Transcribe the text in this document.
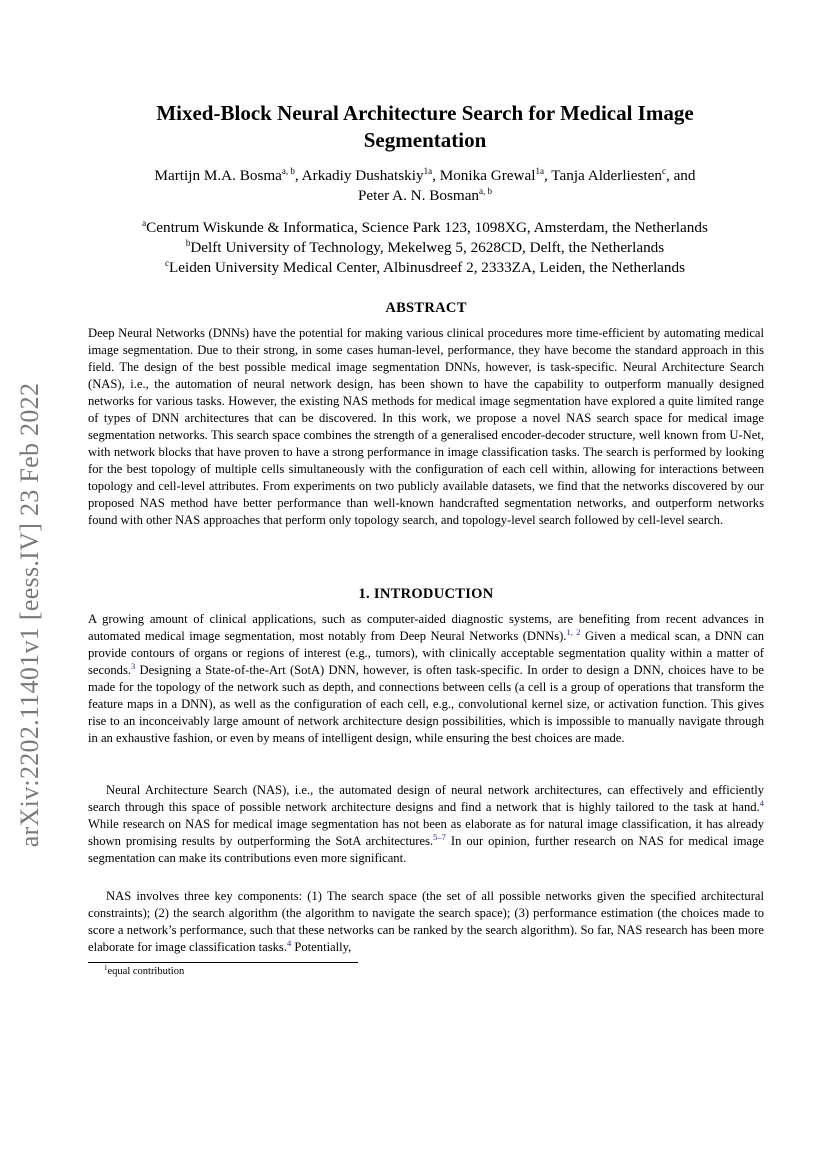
arXiv:2202.11401v1 [eess.IV] 23 Feb 2022
Mixed-Block Neural Architecture Search for Medical Image
Segmentation
Martijn M.A. Bosma$^{a, b}$, Arkadiy Dushatskiy$^{1a}$, Monika Grewal$^{1a}$, Tanja Alderliesten$^c$, and
Peter A. N. Bosman$^{a, b}$
$^a$Centrum Wiskunde & Informatica, Science Park 123, 1098XG, Amsterdam, the Netherlands
$^b$Delft University of Technology, Mekelweg 5, 2628CD, Delft, the Netherlands
$^c$Leiden University Medical Center, Albinusdreef 2, 2333ZA, Leiden, the Netherlands
ABSTRACT

Deep Neural Networks (DNNs) have the potential for making various clinical procedures more time-efficient by automating medical image segmentation. Due to their strong, in some cases human-level, performance, they have become the standard approach in this field. The design of the best possible medical image segmentation DNNs, however, is task-specific. Neural Architecture Search (NAS), i.e., the automation of neural network design, has been shown to have the capability to outperform manually designed networks for various tasks. However, the existing NAS methods for medical image segmentation have explored a quite limited range of types of DNN architectures that can be discovered. In this work, we propose a novel NAS search space for medical image segmentation networks. This search space combines the strength of a generalised encoder-decoder structure, well known from U-Net, with network blocks that have proven to have a strong performance in image classification tasks. The search is performed by looking for the best topology of multiple cells simultaneously with the configuration of each cell within, allowing for interactions between topology and cell-level attributes. From experiments on two publicly available datasets, we find that the networks discovered by our proposed NAS method have better performance than well-known handcrafted segmentation networks, and outperform networks found with other NAS approaches that perform only topology search, and topology-level search followed by cell-level search.

1. INTRODUCTION

A growing amount of clinical applications, such as computer-aided diagnostic systems, are benefiting from recent advances in automated medical image segmentation, most notably from Deep Neural Networks (DNNs).$^{1, 2}$ Given a medical scan, a DNN can provide contours of organs or regions of interest (e.g., tumors), with clinically acceptable segmentation quality within a matter of seconds.$^3$ Designing a State-of-the-Art (SotA) DNN, however, is often task-specific. In order to design a DNN, choices have to be made for the topology of the network such as depth, and connections between cells (a cell is a group of operations that transform the feature maps in a DNN), as well as the configuration of each cell, e.g., convolutional kernel size, or activation function. This gives rise to an inconceivably large amount of network architecture design possibilities, which is impossible to manually navigate through in an exhaustive fashion, or even by means of intelligent design, while ensuring the best choices are made.

Neural Architecture Search (NAS), i.e., the automated design of neural network architectures, can effectively and efficiently search through this space of possible network architecture designs and find a network that is highly tailored to the task at hand.$^4$ While research on NAS for medical image segmentation has not been as elaborate as for natural image classification, it has already shown promising results by outperforming the SotA architectures.$^{5-7}$ In our opinion, further research on NAS for medical image segmentation can make its contributions even more significant.

NAS involves three key components: (1) The search space (the set of all possible networks given the specified architectural constraints); (2) the search algorithm (the algorithm to navigate the search space); (3) performance estimation (the choices made to score a network’s performance, such that these networks can be ranked by the search algorithm). So far, NAS research has been more elaborate for image classification tasks.$^4$ Potentially,

$^1$equal contribution
